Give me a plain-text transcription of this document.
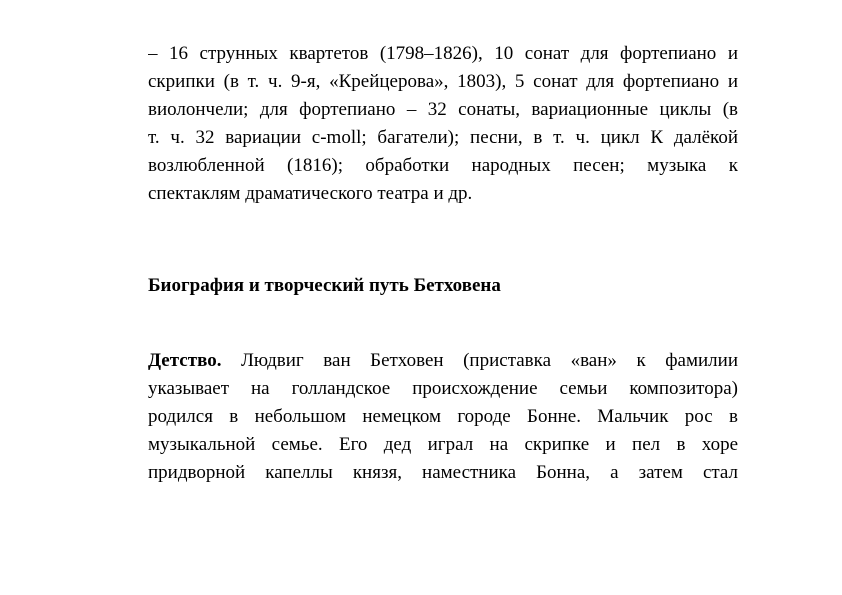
– 16 струнных квартетов (1798–1826), 10 сонат для фортепиано и
скрипки (в т. ч. 9-я, «Крейцерова», 1803), 5 сонат для фортепиано и
виолончели; для фортепиано – 32 сонаты, вариационные циклы (в
т. ч. 32 вариации c-moll; багатели); песни, в т. ч. цикл К далёкой
возлюбленной (1816); обработки народных песен; музыка к
спектаклям драматического театра и др.
Биография и творческий путь Бетховена
Детство. Людвиг ван Бетховен (приставка «ван» к фамилии
указывает на голландское происхождение семьи композитора)
родился в небольшом немецком городе Бонне. Мальчик рос в
музыкальной семье. Его дед играл на скрипке и пел в хоре
придворной капеллы князя, наместника Бонна, а затем стал
